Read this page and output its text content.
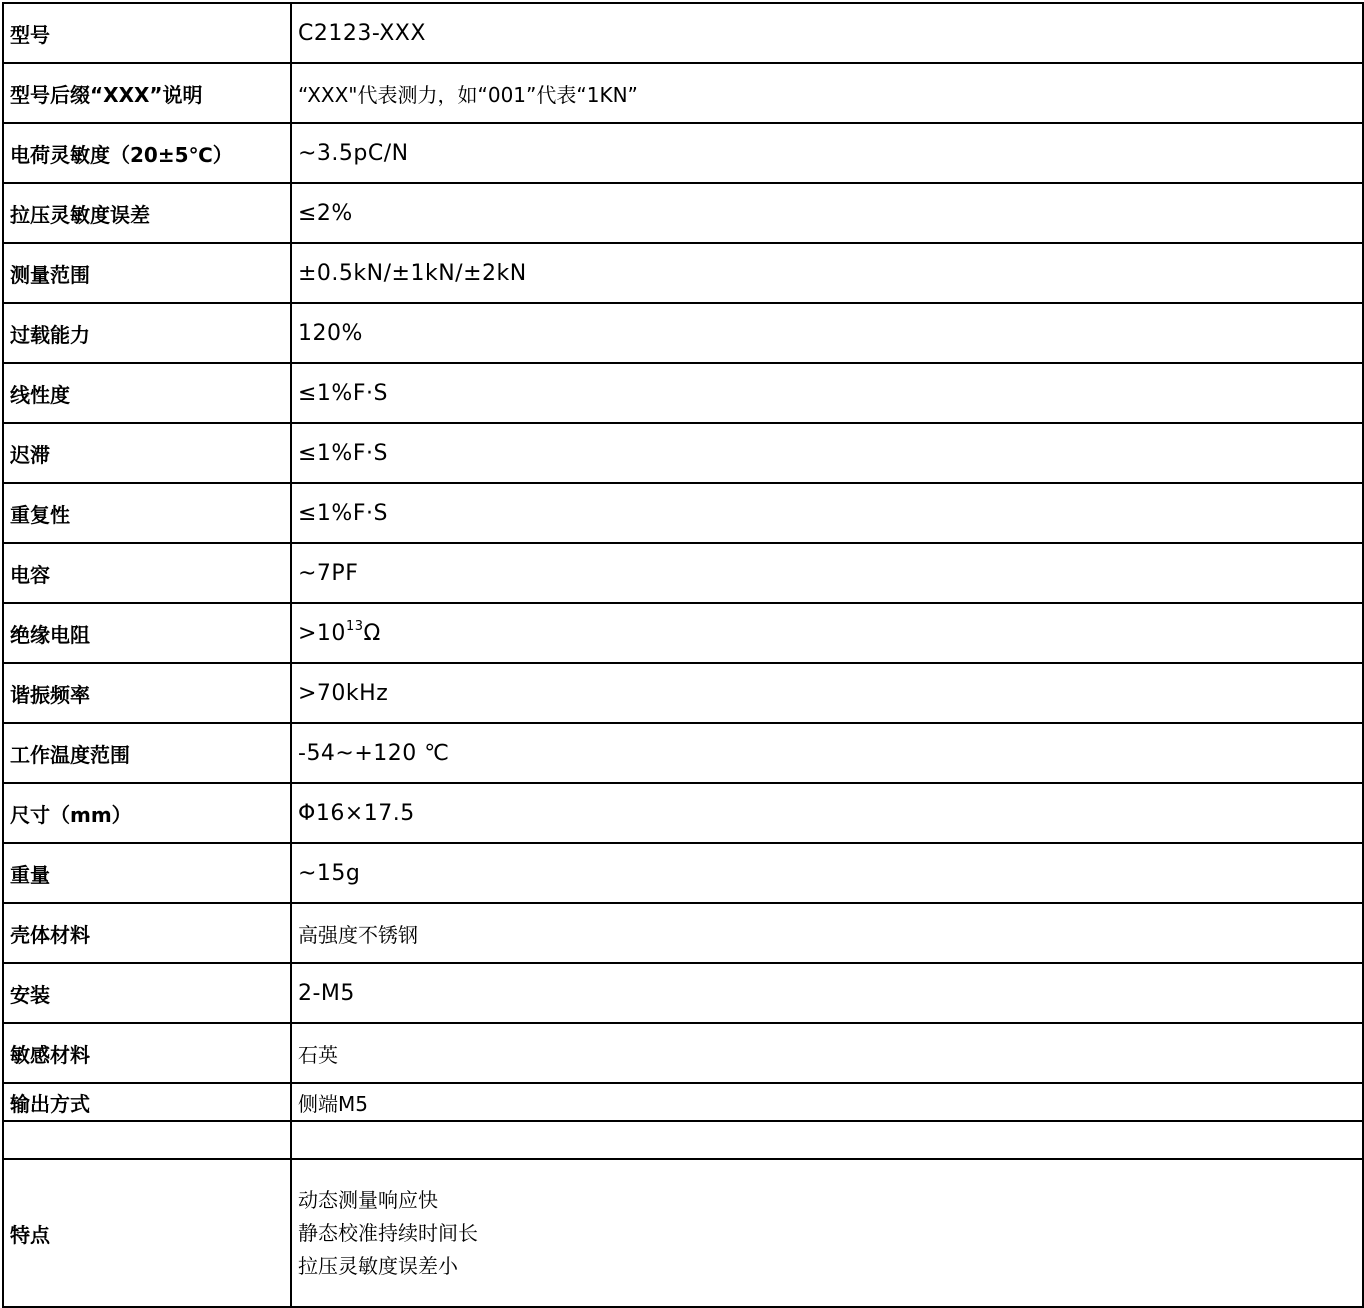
型号	C2123-XXX
型号后缀“XXX”说明	“XXX"代表测力，如“001”代表“1KN”
电荷灵敏度（20±5℃）	~3.5pC/N
拉压灵敏度误差	≤2%
测量范围	±0.5kN/±1kN/±2kN
过载能力	120%
线性度	≤1%F·S
迟滞	≤1%F·S
重复性	≤1%F·S
电容	~7PF
绝缘电阻	$>10^{13}\Omega$
谐振频率	>70kHz
工作温度范围	-54~+120 ℃
尺寸（mm）	Φ16×17.5
重量	~15g
壳体材料	高强度不锈钢
安装	2-M5
敏感材料	石英
输出方式	侧端M5

特点	动态测量响应快
静态校准持续时间长
拉压灵敏度误差小
